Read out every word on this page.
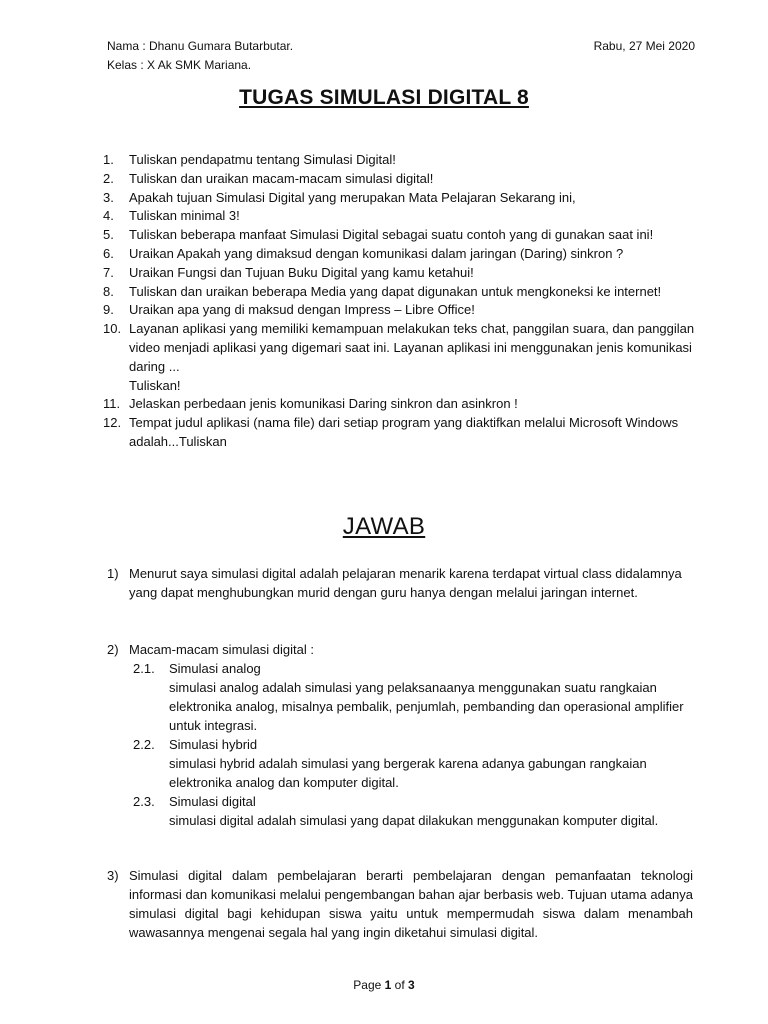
Nama : Dhanu Gumara Butarbutar.
Kelas : X Ak SMK Mariana.
Rabu, 27 Mei 2020
TUGAS SIMULASI DIGITAL 8
1.	Tuliskan pendapatmu tentang Simulasi Digital!
2.	Tuliskan dan uraikan macam-macam simulasi digital!
3.	Apakah tujuan Simulasi Digital yang merupakan Mata Pelajaran Sekarang ini,
4.	Tuliskan minimal 3!
5.	Tuliskan beberapa manfaat Simulasi Digital sebagai suatu contoh yang di gunakan saat ini!
6.	Uraikan Apakah yang dimaksud dengan komunikasi dalam jaringan (Daring) sinkron ?
7.	Uraikan Fungsi dan Tujuan Buku Digital yang kamu ketahui!
8.	Tuliskan dan uraikan beberapa Media yang dapat digunakan untuk mengkoneksi ke internet!
9.	Uraikan apa yang di maksud dengan Impress – Libre Office!
10. Layanan aplikasi yang memiliki kemampuan melakukan teks chat, panggilan suara, dan panggilan video menjadi aplikasi yang digemari saat ini. Layanan aplikasi ini menggunakan jenis komunikasi daring ...
Tuliskan!
11. Jelaskan perbedaan jenis komunikasi Daring sinkron dan asinkron !
12. Tempat judul aplikasi (nama file) dari setiap program yang diaktifkan melalui Microsoft Windows adalah...Tuliskan
JAWAB
1) Menurut saya simulasi digital adalah pelajaran menarik karena terdapat virtual class didalamnya yang dapat menghubungkan murid dengan guru hanya dengan melalui jaringan internet.
2) Macam-macam simulasi digital :
2.1.	Simulasi analog
simulasi analog adalah simulasi yang pelaksanaanya menggunakan suatu rangkaian elektronika analog, misalnya pembalik, penjumlah, pembanding dan operasional amplifier untuk integrasi.
2.2.	Simulasi hybrid
simulasi hybrid adalah simulasi yang bergerak karena adanya gabungan rangkaian elektronika analog dan komputer digital.
2.3.	Simulasi digital
simulasi digital adalah simulasi yang dapat dilakukan menggunakan komputer digital.
3) Simulasi digital dalam pembelajaran berarti pembelajaran dengan pemanfaatan teknologi informasi dan komunikasi melalui pengembangan bahan ajar berbasis web. Tujuan utama adanya simulasi digital bagi kehidupan siswa yaitu untuk mempermudah siswa dalam menambah wawasannya mengenai segala hal yang ingin diketahui simulasi digital.
Page 1 of 3
